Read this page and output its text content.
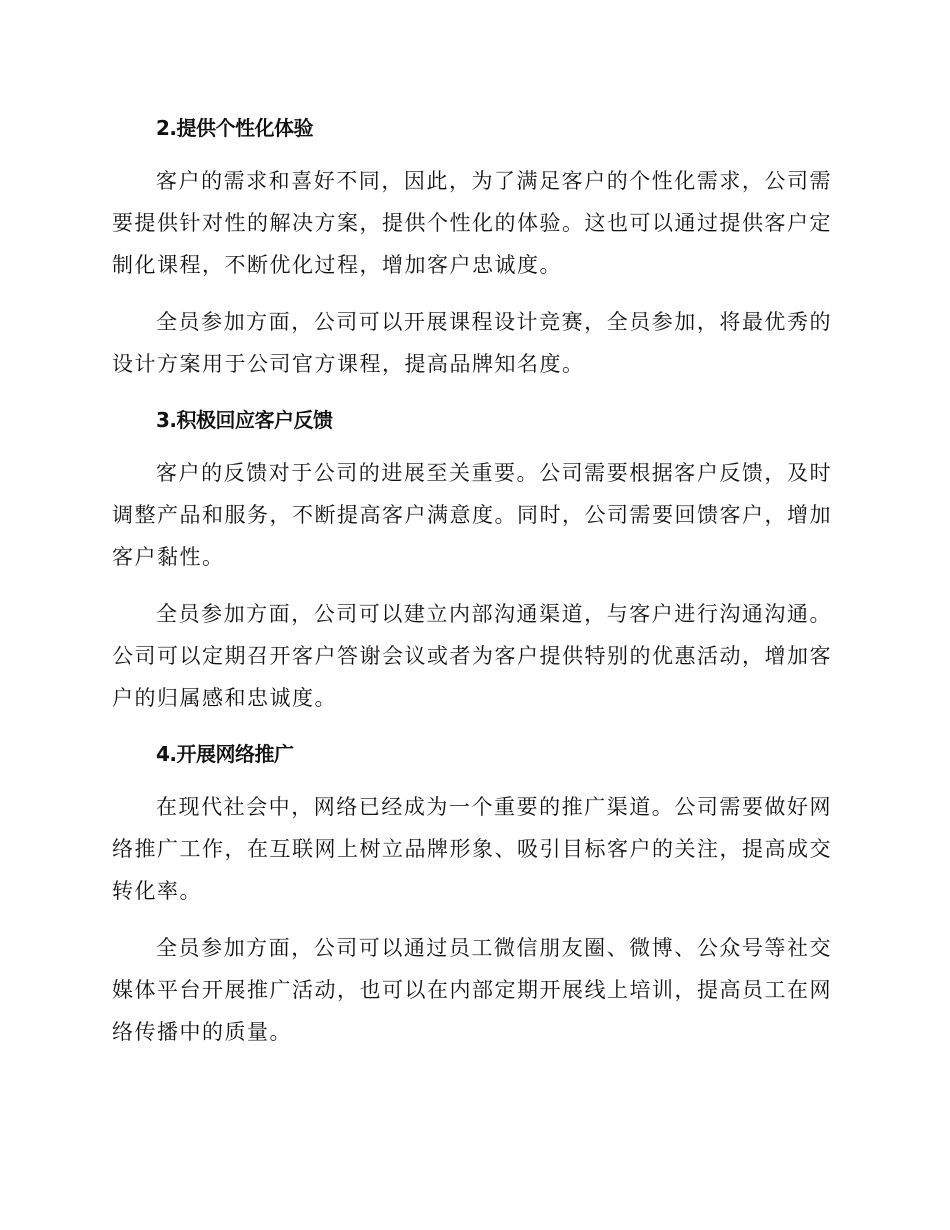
2.提供个性化体验

客户的需求和喜好不同，因此，为了满足客户的个性化需求，公司需要提供针对性的解决方案，提供个性化的体验。这也可以通过提供客户定制化课程，不断优化过程，增加客户忠诚度。

全员参加方面，公司可以开展课程设计竞赛，全员参加，将最优秀的设计方案用于公司官方课程，提高品牌知名度。

3.积极回应客户反馈

客户的反馈对于公司的进展至关重要。公司需要根据客户反馈，及时调整产品和服务，不断提高客户满意度。同时，公司需要回馈客户，增加客户黏性。

全员参加方面，公司可以建立内部沟通渠道，与客户进行沟通沟通。公司可以定期召开客户答谢会议或者为客户提供特别的优惠活动，增加客户的归属感和忠诚度。

4.开展网络推广

在现代社会中，网络已经成为一个重要的推广渠道。公司需要做好网络推广工作，在互联网上树立品牌形象、吸引目标客户的关注，提高成交转化率。

全员参加方面，公司可以通过员工微信朋友圈、微博、公众号等社交媒体平台开展推广活动，也可以在内部定期开展线上培训，提高员工在网络传播中的质量。
